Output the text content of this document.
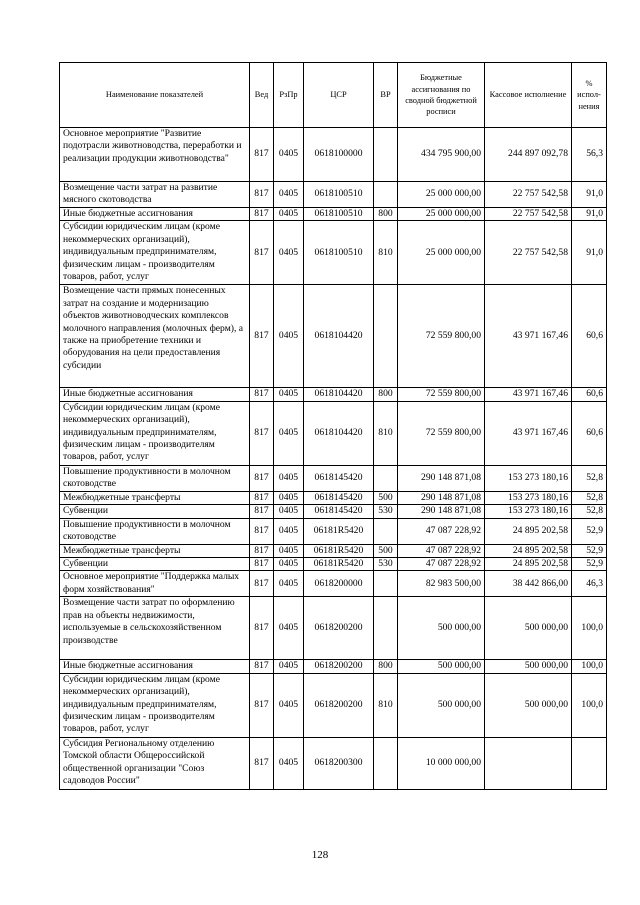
Наименование показателей	Вед	РзПр	ЦСР	ВР	Бюджетные ассигнования по сводной бюджетной росписи	Кассовое исполнение	% испол-нения
Основное мероприятие "Развитие подотрасли животноводства, переработки и реализации продукции животноводства"	817	0405	0618100000		434 795 900,00	244 897 092,78	56,3
Возмещение части затрат на развитие мясного скотоводства	817	0405	0618100510		25 000 000,00	22 757 542,58	91,0
Иные бюджетные ассигнования	817	0405	0618100510	800	25 000 000,00	22 757 542,58	91,0
Субсидии юридическим лицам (кроме некоммерческих организаций), индивидуальным предпринимателям, физическим лицам - производителям товаров, работ, услуг	817	0405	0618100510	810	25 000 000,00	22 757 542,58	91,0
Возмещение части прямых понесенных затрат на создание и модернизацию объектов животноводческих комплексов молочного направления (молочных ферм), а также на приобретение техники и оборудования на цели предоставления субсидии	817	0405	0618104420		72 559 800,00	43 971 167,46	60,6
Иные бюджетные ассигнования	817	0405	0618104420	800	72 559 800,00	43 971 167,46	60,6
Субсидии юридическим лицам (кроме некоммерческих организаций), индивидуальным предпринимателям, физическим лицам - производителям товаров, работ, услуг	817	0405	0618104420	810	72 559 800,00	43 971 167,46	60,6
Повышение продуктивности в молочном скотоводстве	817	0405	0618145420		290 148 871,08	153 273 180,16	52,8
Межбюджетные трансферты	817	0405	0618145420	500	290 148 871,08	153 273 180,16	52,8
Субвенции	817	0405	0618145420	530	290 148 871,08	153 273 180,16	52,8
Повышение продуктивности в молочном скотоводстве	817	0405	06181R5420		47 087 228,92	24 895 202,58	52,9
Межбюджетные трансферты	817	0405	06181R5420	500	47 087 228,92	24 895 202,58	52,9
Субвенции	817	0405	06181R5420	530	47 087 228,92	24 895 202,58	52,9
Основное мероприятие "Поддержка малых форм хозяйствования"	817	0405	0618200000		82 983 500,00	38 442 866,00	46,3
Возмещение части затрат по оформлению прав на объекты недвижимости, используемые в сельскохозяйственном производстве	817	0405	0618200200		500 000,00	500 000,00	100,0
Иные бюджетные ассигнования	817	0405	0618200200	800	500 000,00	500 000,00	100,0
Субсидии юридическим лицам (кроме некоммерческих организаций), индивидуальным предпринимателям, физическим лицам - производителям товаров, работ, услуг	817	0405	0618200200	810	500 000,00	500 000,00	100,0
Субсидия Региональному отделению Томской области Общероссийской общественной организации "Союз садоводов России"	817	0405	0618200300		10 000 000,00		
128
